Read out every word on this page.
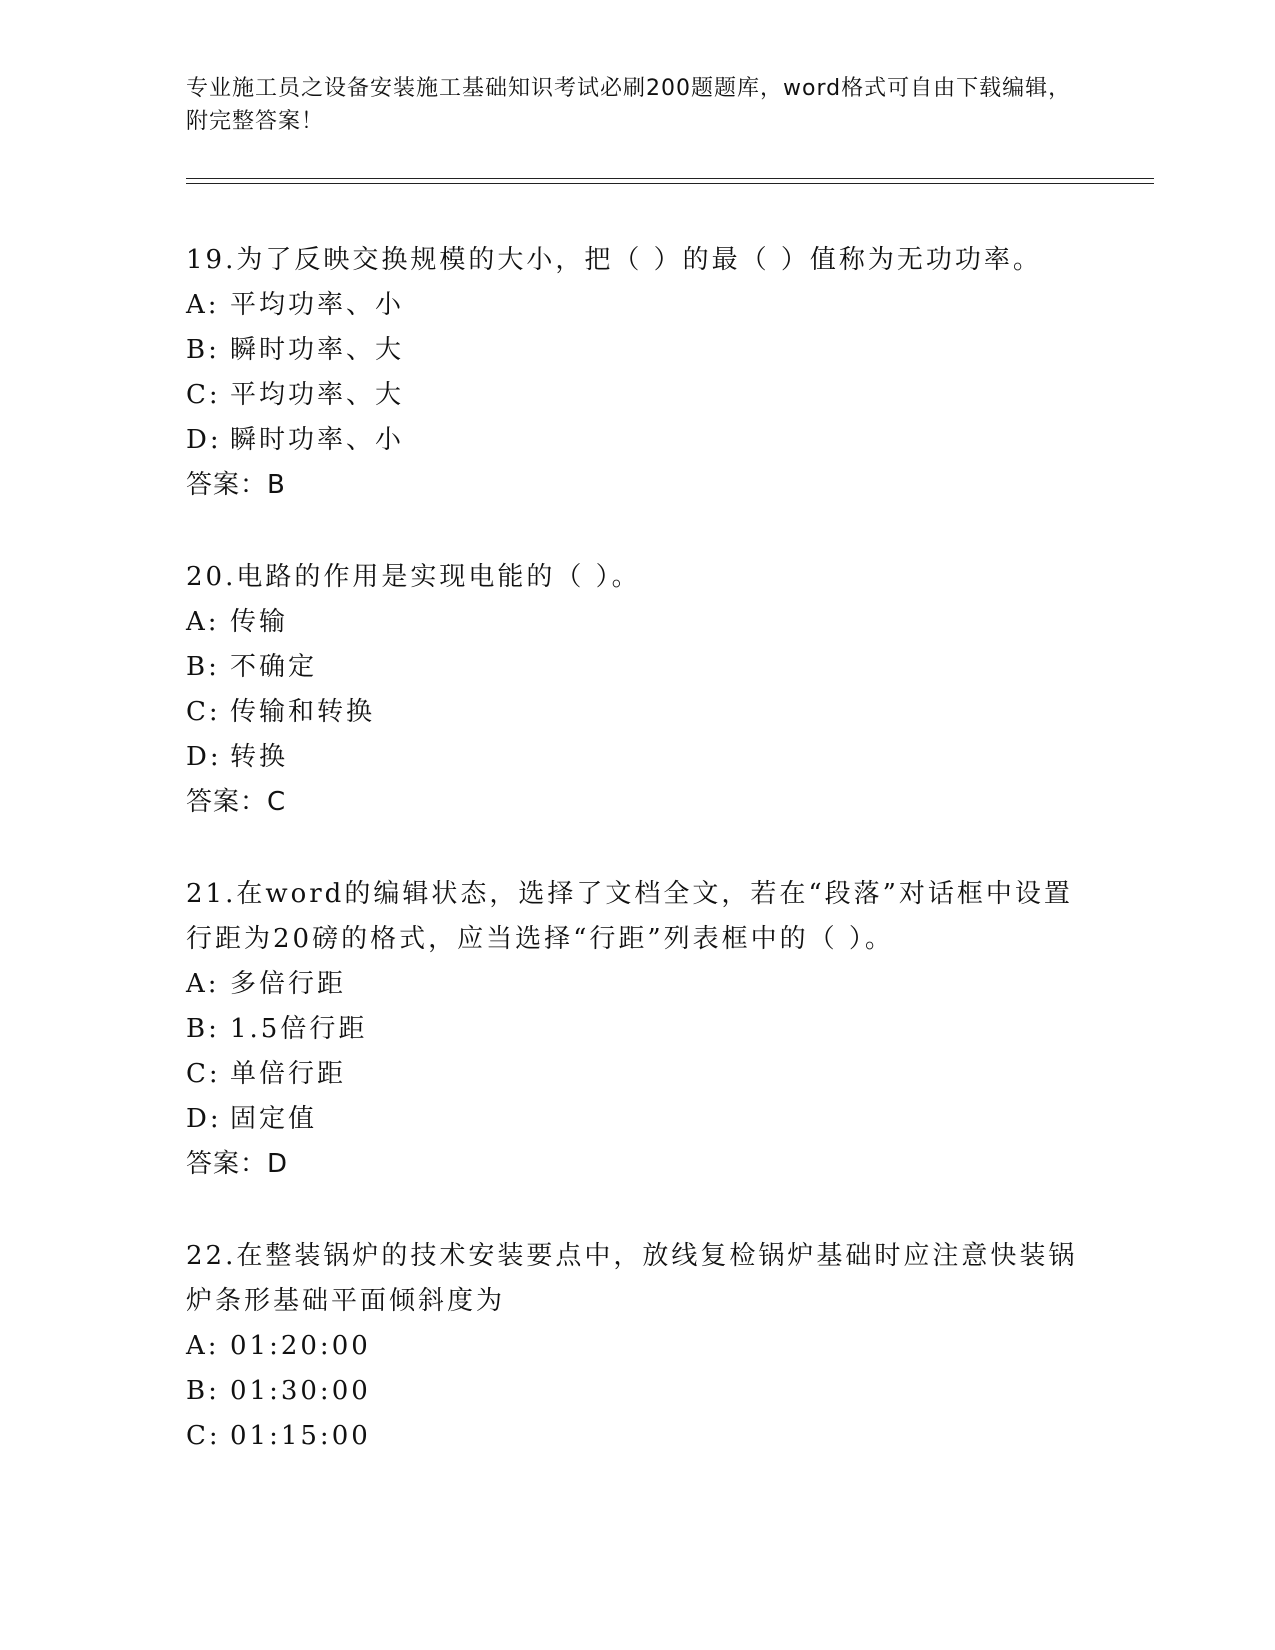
专业施工员之设备安装施工基础知识考试必刷200题题库，word格式可自由下载编辑，附完整答案！

19.为了反映交换规模的大小，把（ ）的最（ ）值称为无功功率。

A: 平均功率、小

B: 瞬时功率、大

C: 平均功率、大

D: 瞬时功率、小

答案：B

20.电路的作用是实现电能的（ ）。

A: 传输

B: 不确定

C: 传输和转换

D: 转换

答案：C

21.在word的编辑状态，选择了文档全文，若在“段落”对话框中设置行距为20磅的格式，应当选择“行距”列表框中的（ ）。

A: 多倍行距

B: 1.5倍行距

C: 单倍行距

D: 固定值

答案：D

22.在整装锅炉的技术安装要点中，放线复检锅炉基础时应注意快装锅炉条形基础平面倾斜度为

A: 01:20:00

B: 01:30:00

C: 01:15:00
